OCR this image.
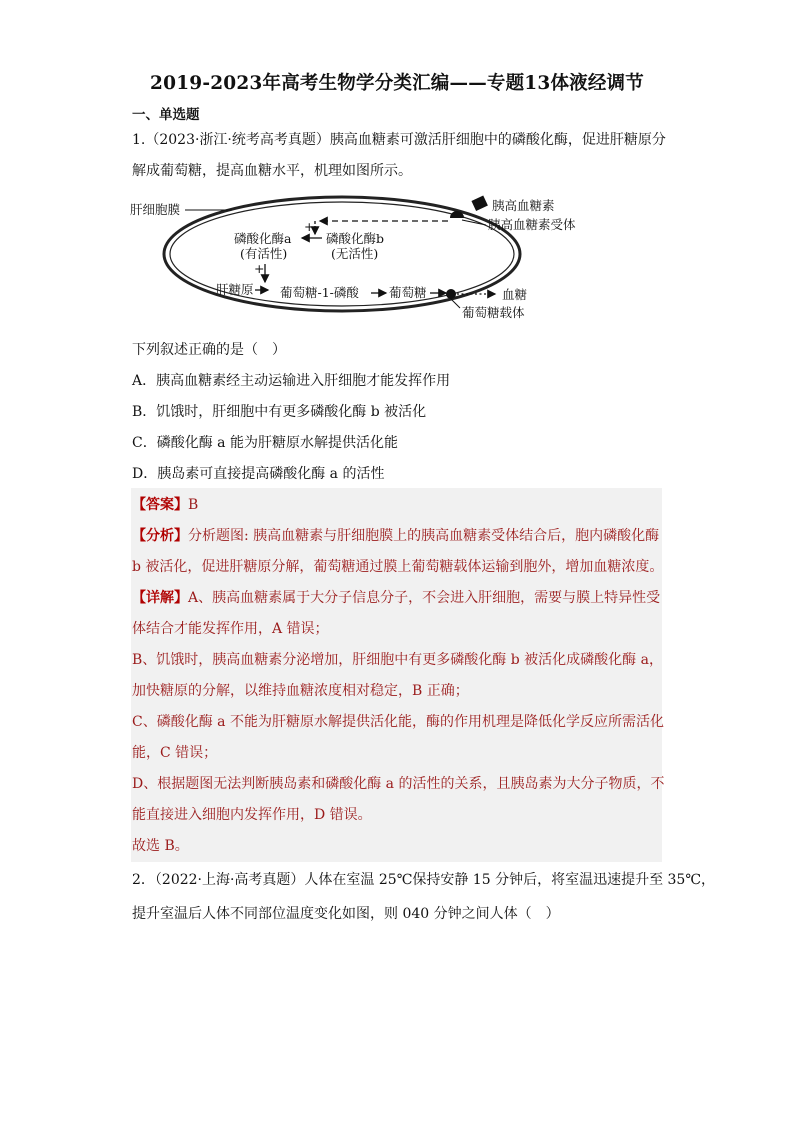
2019-2023年高考生物学分类汇编——专题13体液经调节
一、单选题
1.（2023·浙江·统考高考真题）胰高血糖素可激活肝细胞中的磷酸化酶，促进肝糖原分
解成葡萄糖，提高血糖水平，机理如图所示。
肝细胞膜	胰高血糖素
胰高血糖素受体
+
磷酸化酶b
(无活性)
磷酸化酶a
(有活性)
+
肝糖原 葡萄糖-1-磷酸 葡萄糖	血糖
葡萄糖载体
下列叙述正确的是（　）
A．胰高血糖素经主动运输进入肝细胞才能发挥作用
B．饥饿时，肝细胞中有更多磷酸化酶 b 被活化
C．磷酸化酶 a 能为肝糖原水解提供活化能
D．胰岛素可直接提高磷酸化酶 a 的活性
【答案】B
【分析】分析题图: 胰高血糖素与肝细胞膜上的胰高血糖素受体结合后，胞内磷酸化酶
b 被活化，促进肝糖原分解，葡萄糖通过膜上葡萄糖载体运输到胞外，增加血糖浓度。
【详解】A、胰高血糖素属于大分子信息分子，不会进入肝细胞，需要与膜上特异性受
体结合才能发挥作用，A 错误；
B、饥饿时，胰高血糖素分泌增加，肝细胞中有更多磷酸化酶 b 被活化成磷酸化酶 a，
加快糖原的分解，以维持血糖浓度相对稳定，B 正确；
C、磷酸化酶 a 不能为肝糖原水解提供活化能，酶的作用机理是降低化学反应所需活化
能，C 错误；
D、根据题图无法判断胰岛素和磷酸化酶 a 的活性的关系，且胰岛素为大分子物质，不
能直接进入细胞内发挥作用，D 错误。
故选 B。
2．（2022·上海·高考真题）人体在室温 25℃保持安静 15 分钟后，将室温迅速提升至 35℃，
提升室温后人体不同部位温度变化如图，则 040 分钟之间人体（　）
